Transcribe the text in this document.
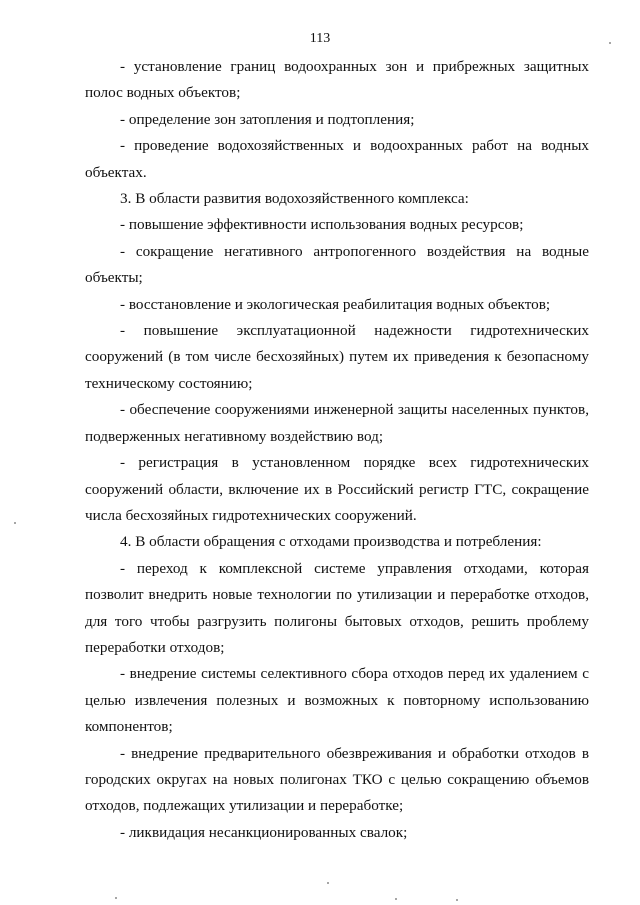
113

- установление границ водоохранных зон и прибрежных защитных полос водных объектов;

- определение зон затопления и подтопления;

- проведение водохозяйственных и водоохранных работ на водных объектах.

3. В области развития водохозяйственного комплекса:

- повышение эффективности использования водных ресурсов;

- сокращение негативного антропогенного воздействия на водные объекты;

- восстановление и экологическая реабилитация водных объектов;

- повышение эксплуатационной надежности гидротехнических сооружений (в том числе бесхозяйных) путем их приведения к безопасному техническому состоянию;

- обеспечение сооружениями инженерной защиты населенных пунктов, подверженных негативному воздействию вод;

- регистрация в установленном порядке всех гидротехнических сооружений области, включение их в Российский регистр ГТС, сокращение числа бесхозяйных гидротехнических сооружений.

4. В области обращения с отходами производства и потребления:

- переход к комплексной системе управления отходами, которая позволит внедрить новые технологии по утилизации и переработке отходов, для того чтобы разгрузить полигоны бытовых отходов, решить проблему переработки отходов;

- внедрение системы селективного сбора отходов перед их удалением с целью извлечения полезных и возможных к повторному использованию компонентов;

- внедрение предварительного обезвреживания и обработки отходов в городских округах на новых полигонах ТКО с целью сокращению объемов отходов, подлежащих утилизации и переработке;

- ликвидация несанкционированных свалок;
